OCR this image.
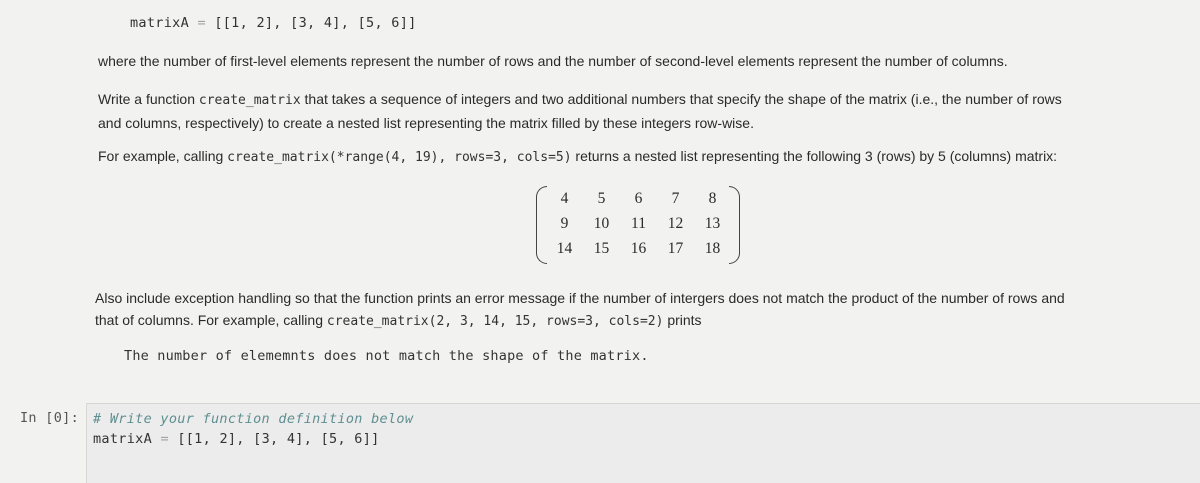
matrixA = [[1, 2], [3, 4], [5, 6]]
where the number of first-level elements represent the number of rows and the number of second-level elements represent the number of columns.
Write a function create_matrix that takes a sequence of integers and two additional numbers that specify the shape of the matrix (i.e., the number of rows
and columns, respectively) to create a nested list representing the matrix filled by these integers row-wise.
For example, calling create_matrix(*range(4, 19), rows=3, cols=5) returns a nested list representing the following 3 (rows) by 5 (columns) matrix:
4	5	6	7	8
9	10	11	12	13
14	15	16	17	18
Also include exception handling so that the function prints an error message if the number of intergers does not match the product of the number of rows and
that of columns. For example, calling create_matrix(2, 3, 14, 15, rows=3, cols=2) prints
The number of elememnts does not match the shape of the matrix.
In [0]: # Write your function definition below
matrixA = [[1, 2], [3, 4], [5, 6]]
